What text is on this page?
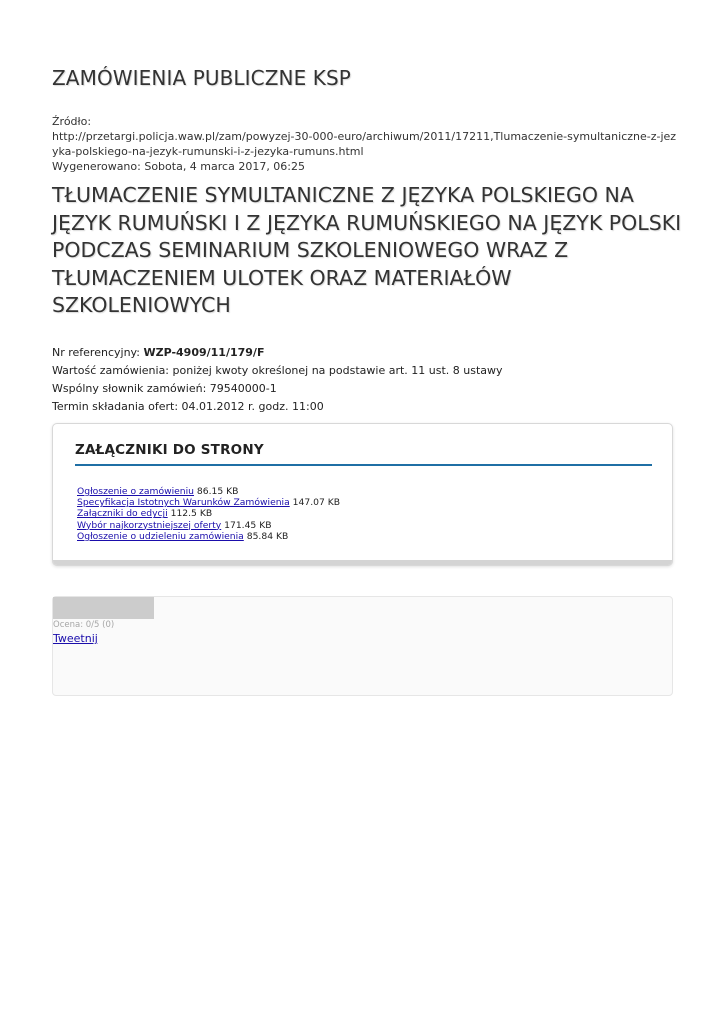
ZAMÓWIENIA PUBLICZNE KSP
Źródło:
http://przetargi.policja.waw.pl/zam/powyzej-30-000-euro/archiwum/2011/17211,Tlumaczenie-symultaniczne-z-jezyka-polskiego-na-jezyk-rumunski-i-z-jezyka-rumuns.html
Wygenerowano: Sobota, 4 marca 2017, 06:25
TŁUMACZENIE SYMULTANICZNE Z JĘZYKA POLSKIEGO NA JĘZYK RUMUŃSKI I Z JĘZYKA RUMUŃSKIEGO NA JĘZYK POLSKI PODCZAS SEMINARIUM SZKOLENIOWEGO WRAZ Z TŁUMACZENIEM ULOTEK ORAZ MATERIAŁÓW SZKOLENIOWYCH
Nr referencyjny: WZP-4909/11/179/F
Wartość zamówienia: poniżej kwoty określonej na podstawie art. 11 ust. 8 ustawy
Wspólny słownik zamówień: 79540000-1
Termin składania ofert: 04.01.2012 r. godz. 11:00
ZAŁĄCZNIKI DO STRONY
Ogłoszenie o zamówieniu 86.15 KB
Specyfikacja Istotnych Warunków Zamówienia 147.07 KB
Załączniki do edycji 112.5 KB
Wybór najkorzystniejszej oferty 171.45 KB
Ogłoszenie o udzieleniu zamówienia 85.84 KB
Ocena: 0/5 (0)
Tweetnij
